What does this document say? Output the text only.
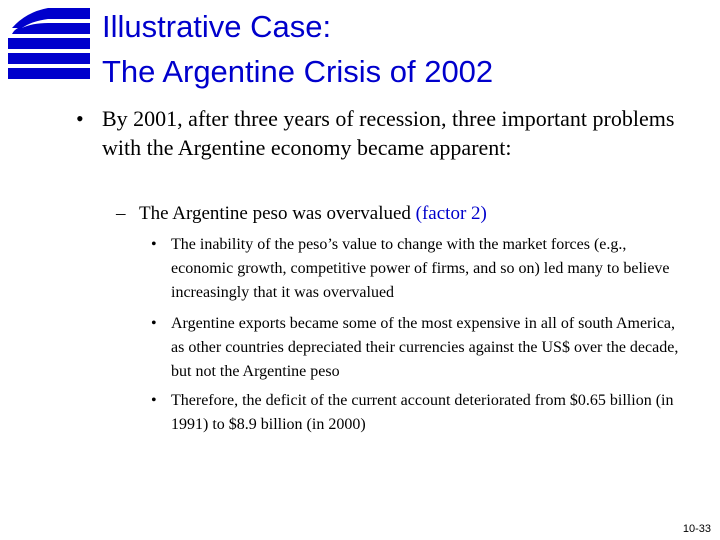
Illustrative Case:
The Argentine Crisis of 2002
• By 2001, after three years of recession, three important problems with the Argentine economy became apparent:
– The Argentine peso was overvalued (factor 2)
• The inability of the peso’s value to change with the market forces (e.g., economic growth, competitive power of firms, and so on) led many to believe increasingly that it was overvalued
• Argentine exports became some of the most expensive in all of south America, as other countries depreciated their currencies against the US$ over the decade, but not the Argentine peso
• Therefore, the deficit of the current account deteriorated from $0.65 billion (in 1991) to $8.9 billion (in 2000)
10-33
